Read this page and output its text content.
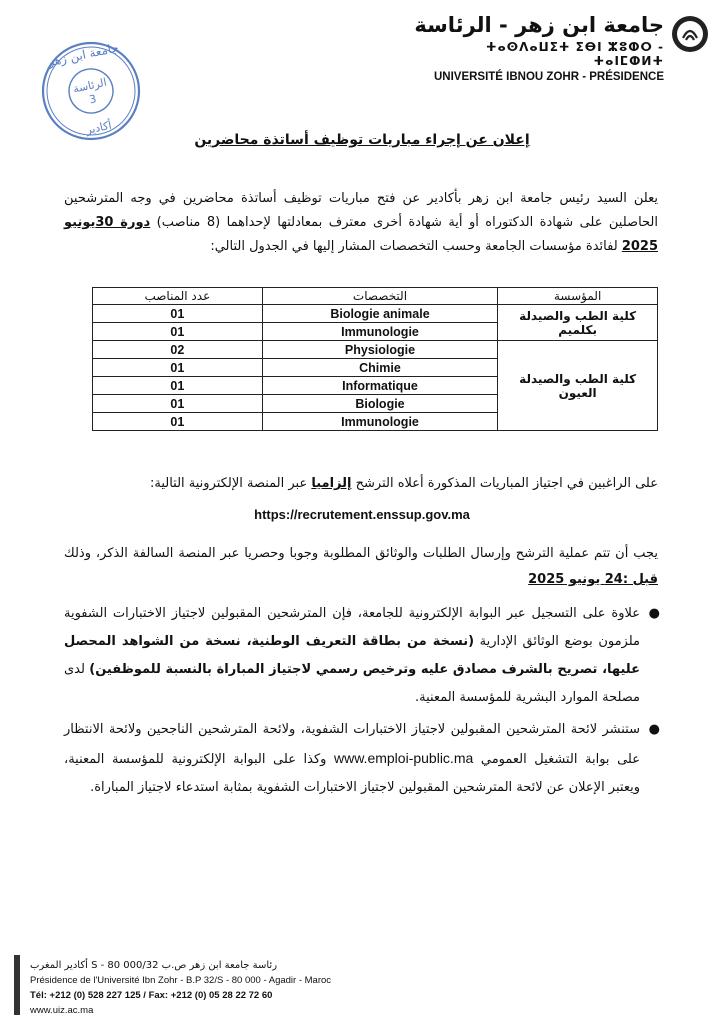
جامعة ابن زهر - الرئاسة
ⵜⴰⵙⴷⴰⵡⵉⵜ ⵉⴱⵏ ⵣⵓⵀⵔ - ⵜⴰⵏⵎⵀⵍⵜ
UNIVERSITÉ IBNOU ZOHR - PRÉSIDENCE
جامعة ابن زهر
الرئاسة
3
أكادير
إعلان عن إجراء مباريات توظيف أساتذة محاضرين
يعلن السيد رئيس جامعة ابن زهر بأكادير عن فتح مباريات توظيف أساتذة محاضرين في وجه المترشحين الحاصلين على شهادة الدكتوراه أو أية شهادة أخرى معترف بمعادلتها لإحداهما (8 مناصب) دورة 30يونيو 2025 لفائدة مؤسسات الجامعة وحسب التخصصات المشار إليها في الجدول التالي:
المؤسسة	التخصصات	عدد المناصب
كلية الطب والصيدلة بكلميم	Biologie animale	01
	Immunologie	01
كلية الطب والصيدلة العيون	Physiologie	02
	Chimie	01
	Informatique	01
	Biologie	01
	Immunologie	01
على الراغبين في اجتياز المباريات المذكورة أعلاه الترشح إلزاميا عبر المنصة الإلكترونية التالية:
https://recrutement.enssup.gov.ma
يجب أن تتم عملية الترشح وإرسال الطلبات والوثائق المطلوبة وجوبا وحصريا عبر المنصة السالفة الذكر، وذلك قبل :24 يونيو 2025
●
علاوة على التسجيل عبر البوابة الإلكترونية للجامعة، فإن المترشحين المقبولين لاجتياز الاختبارات الشفوية ملزمون بوضع الوثائق الإدارية (نسخة من بطاقة التعريف الوطنية، نسخة من الشواهد المحصل عليها، تصريح بالشرف مصادق عليه وترخيص رسمي لاجتياز المباراة بالنسبة للموظفين) لدى مصلحة الموارد البشرية للمؤسسة المعنية.
●
ستنشر لائحة المترشحين المقبولين لاجتياز الاختبارات الشفوية، ولائحة المترشحين الناجحين ولائحة الانتظار على بوابة التشغيل العمومي www.emploi-public.ma وكذا على البوابة الإلكترونية للمؤسسة المعنية، ويعتبر الإعلان عن لائحة المترشحين المقبولين لاجتياز الاختبارات الشفوية بمثابة استدعاء لاجتياز المباراة.
رئاسة جامعة ابن زهر ص.ب 32/S - 80 000 أكادير المغرب
Présidence de l'Université Ibn Zohr - B.P 32/S - 80 000 - Agadir - Maroc
Tél: +212 (0) 528 227 125 / Fax: +212 (0) 05 28 22 72 60
www.uiz.ac.ma
